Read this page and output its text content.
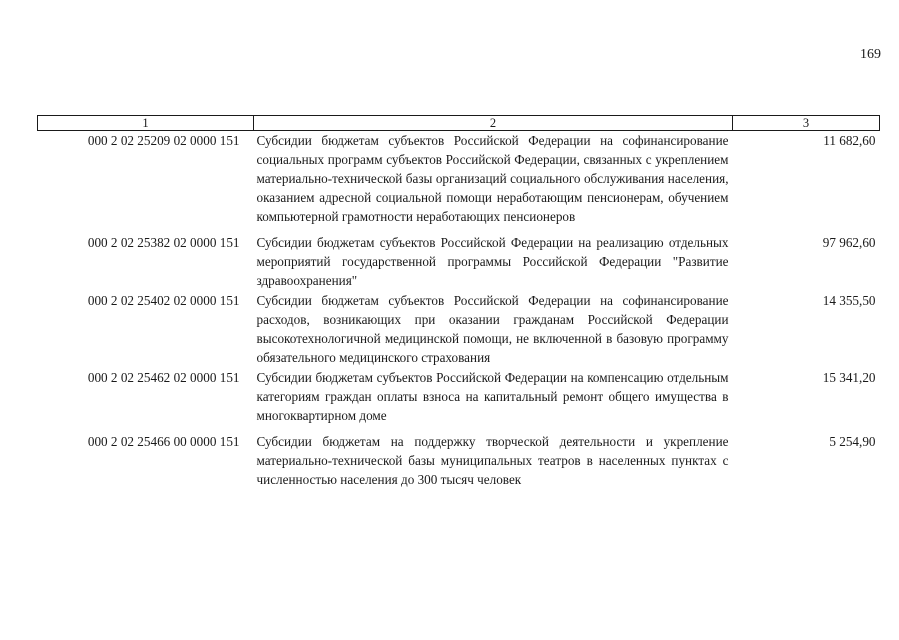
169
1	2	3
000 2 02 25209 02 0000 151	Субсидии бюджетам субъектов Российской Федерации на софинансирование социальных программ субъектов Российской Федерации, связанных с укреплением материально-технической базы организаций социального обслуживания населения, оказанием адресной социальной помощи неработающим пенсионерам, обучением компьютерной грамотности неработающих пенсионеров	11 682,60
000 2 02 25382 02 0000 151	Субсидии бюджетам субъектов Российской Федерации на реализацию отдельных мероприятий государственной программы Российской Федерации "Развитие здравоохранения"	97 962,60
000 2 02 25402 02 0000 151	Субсидии бюджетам субъектов Российской Федерации на софинансирование расходов, возникающих при оказании гражданам Российской Федерации высокотехнологичной медицинской помощи, не включенной в базовую программу обязательного медицинского страхования	14 355,50
000 2 02 25462 02 0000 151	Субсидии бюджетам субъектов Российской Федерации на компенсацию отдельным категориям граждан оплаты взноса на капитальный ремонт общего имущества в многоквартирном доме	15 341,20
000 2 02 25466 00 0000 151	Субсидии бюджетам на поддержку творческой деятельности и укрепление материально-технической базы муниципальных театров в населенных пунктах с численностью населения до 300 тысяч человек	5 254,90
